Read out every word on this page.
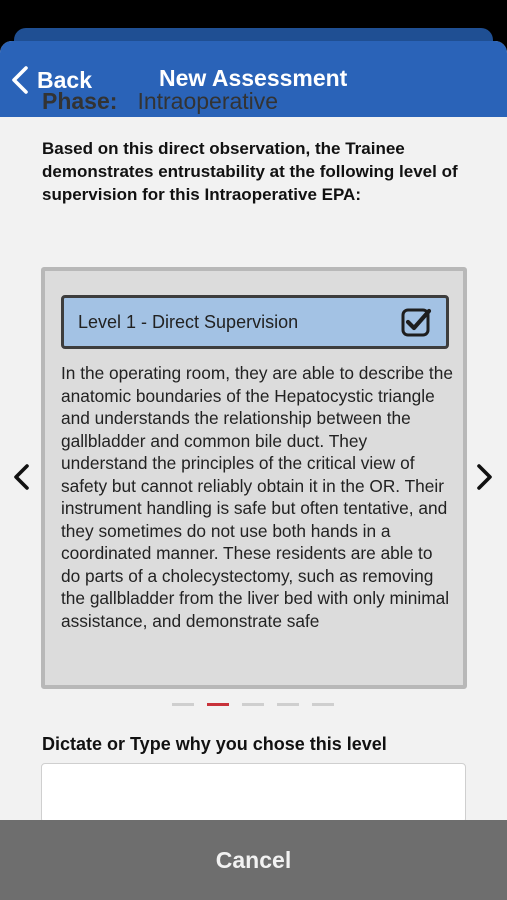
Back	New Assessment
Phase: Intraoperative
Based on this direct observation, the Trainee demonstrates entrustability at the following level of supervision for this Intraoperative EPA:
Level 1 - Direct Supervision
In the operating room, they are able to describe the anatomic boundaries of the Hepatocystic triangle and understands the relationship between the gallbladder and common bile duct. They understand the principles of the critical view of safety but cannot reliably obtain it in the OR. Their instrument handling is safe but often tentative, and they sometimes do not use both hands in a coordinated manner. These residents are able to do parts of a cholecystectomy, such as removing the gallbladder from the liver bed with only minimal assistance, and demonstrate safe
Dictate or Type why you chose this level
Cancel
